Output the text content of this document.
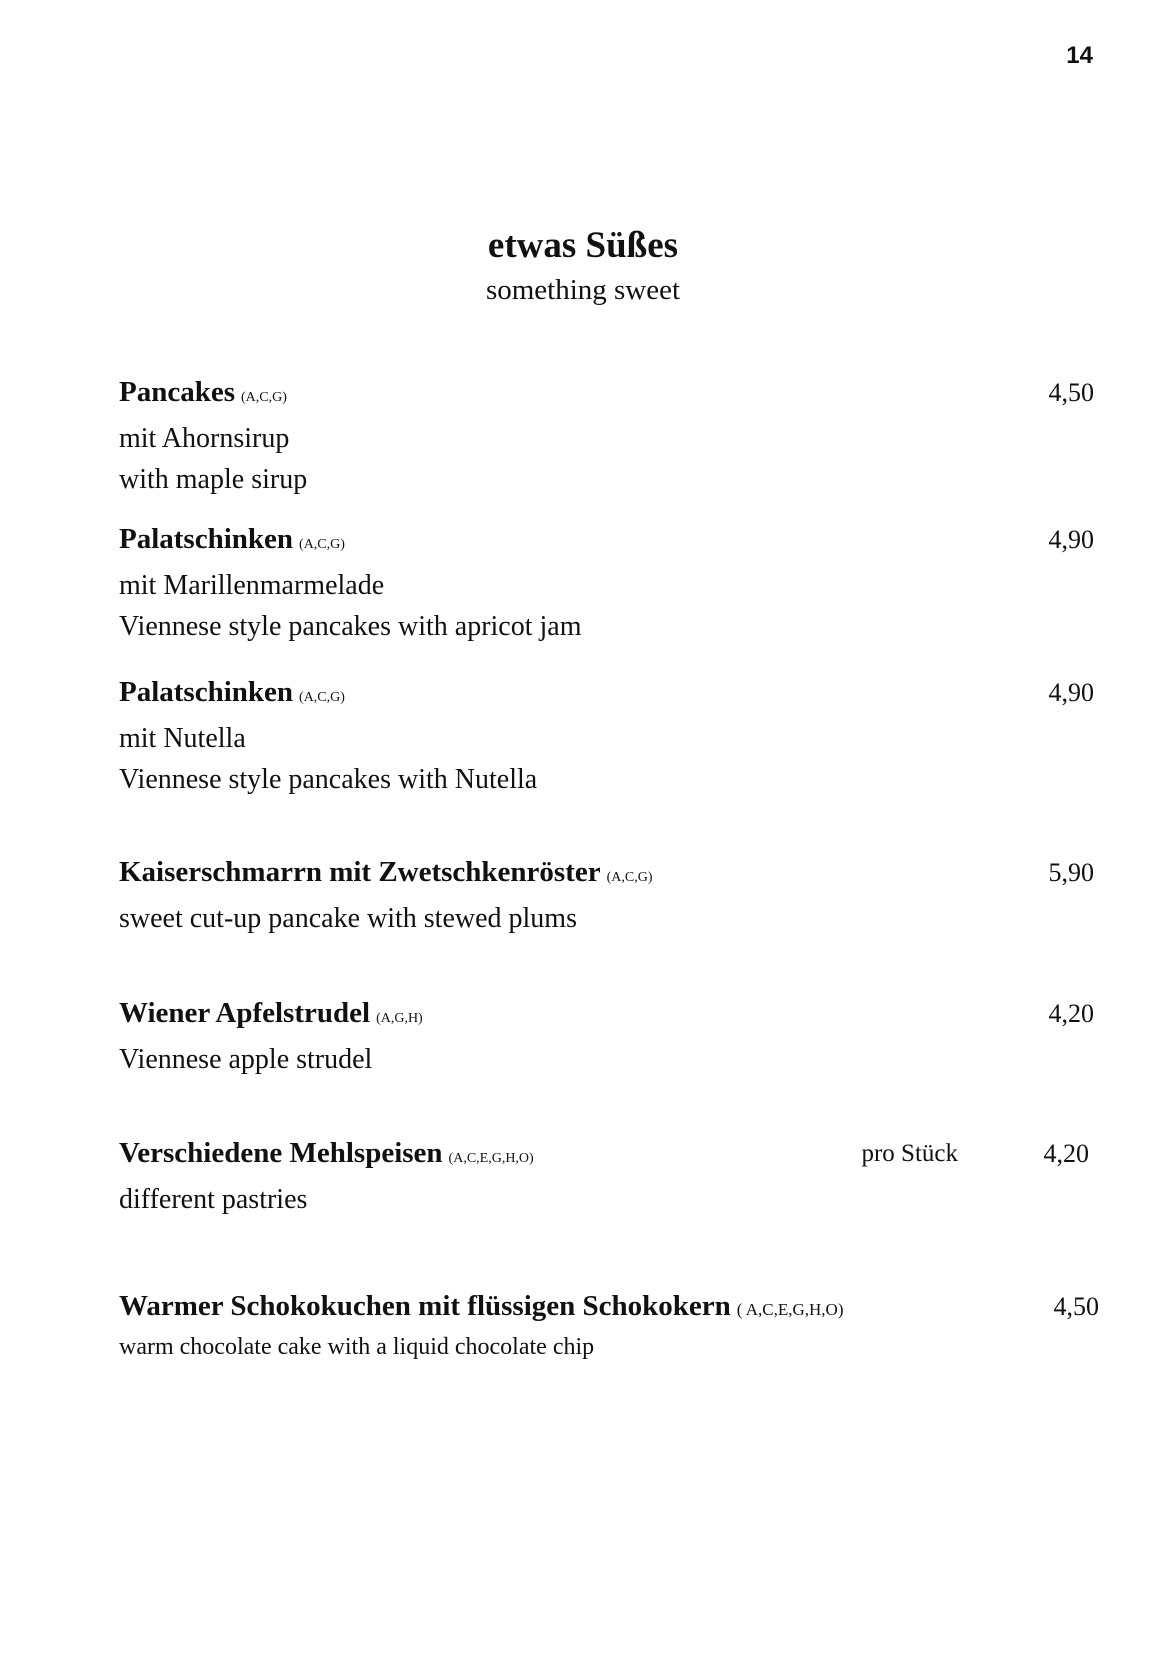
14
etwas Süßes
something sweet
Pancakes (A,C,G)	4,50
mit Ahornsirup
with maple sirup
Palatschinken (A,C,G)	4,90
mit Marillenmarmelade
Viennese style pancakes with apricot jam
Palatschinken (A,C,G)	4,90
mit Nutella
Viennese style pancakes with Nutella
Kaiserschmarrn mit Zwetschkenröster (A,C,G)	5,90
sweet cut-up pancake with stewed plums
Wiener Apfelstrudel (A,G,H)	4,20
Viennese apple strudel
Verschiedene Mehlspeisen (A,C,E,G,H,O)	pro Stück	4,20
different pastries
Warmer Schokokuchen mit flüssigen Schokokern ( A,C,E,G,H,O)	4,50
warm chocolate cake with a liquid chocolate chip
